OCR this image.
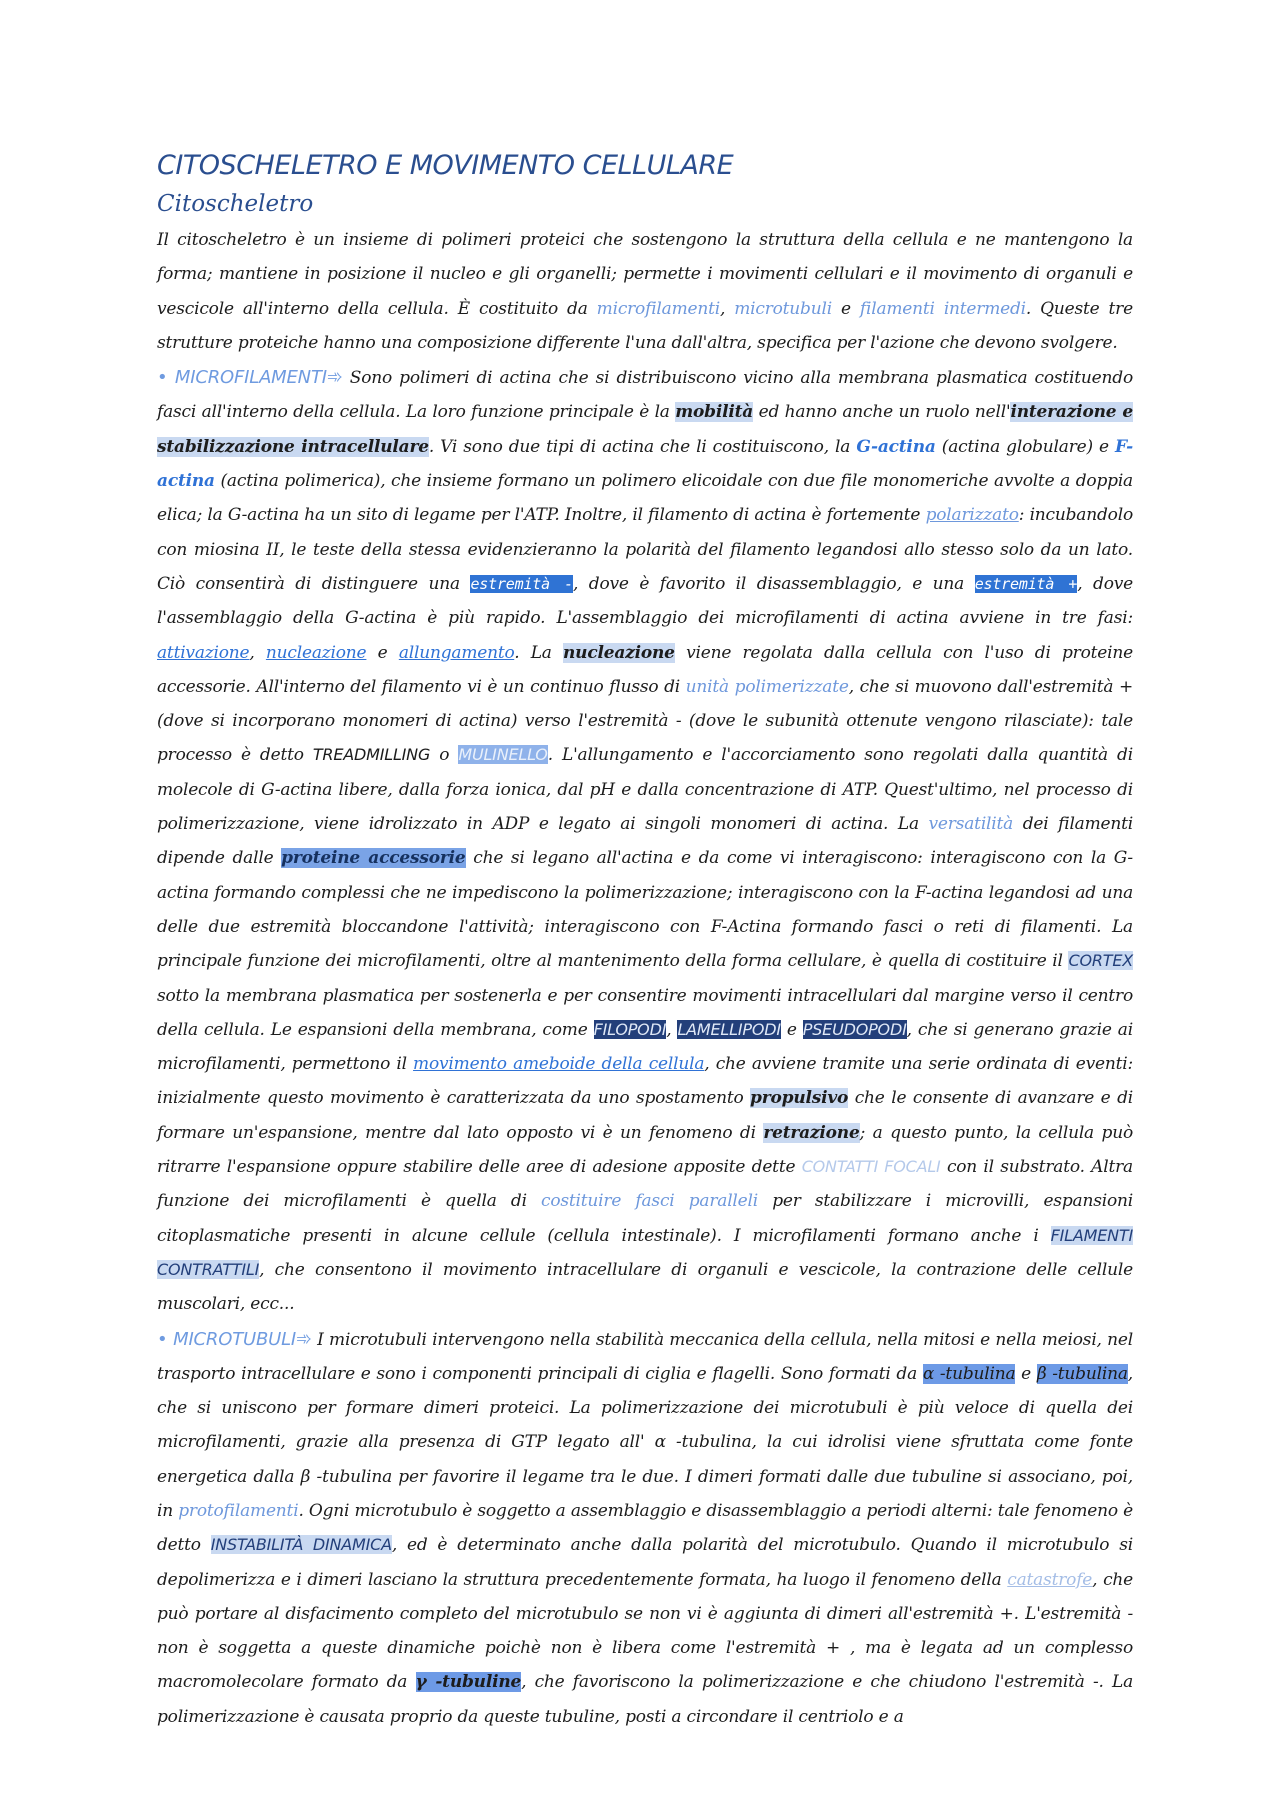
CITOSCHELETRO E MOVIMENTO CELLULARE
Citoscheletro

Il citoscheletro è un insieme di polimeri proteici che sostengono la struttura della cellula e ne mantengono la forma; mantiene in posizione il nucleo e gli organelli; permette i movimenti cellulari e il movimento di organuli e vescicole all'interno della cellula. È costituito da microfilamenti, microtubuli e filamenti intermedi. Queste tre strutture proteiche hanno una composizione differente l'una dall'altra, specifica per l'azione che devono svolgere.

• MICROFILAMENTI➾ Sono polimeri di actina che si distribuiscono vicino alla membrana plasmatica costituendo fasci all'interno della cellula. La loro funzione principale è la mobilità ed hanno anche un ruolo nell'interazione e stabilizzazione intracellulare. Vi sono due tipi di actina che li costituiscono, la G-actina (actina globulare) e F-actina (actina polimerica), che insieme formano un polimero elicoidale con due file monomeriche avvolte a doppia elica; la G-actina ha un sito di legame per l'ATP. Inoltre, il filamento di actina è fortemente polarizzato: incubandolo con miosina II, le teste della stessa evidenzieranno la polarità del filamento legandosi allo stesso solo da un lato. Ciò consentirà di distinguere una estremità -, dove è favorito il disassemblaggio, e una estremità +, dove l'assemblaggio della G-actina è più rapido. L'assemblaggio dei microfilamenti di actina avviene in tre fasi: attivazione, nucleazione e allungamento. La nucleazione viene regolata dalla cellula con l'uso di proteine accessorie. All'interno del filamento vi è un continuo flusso di unità polimerizzate, che si muovono dall'estremità + (dove si incorporano monomeri di actina) verso l'estremità - (dove le subunità ottenute vengono rilasciate): tale processo è detto TREADMILLING o MULINELLO. L'allungamento e l'accorciamento sono regolati dalla quantità di molecole di G-actina libere, dalla forza ionica, dal pH e dalla concentrazione di ATP. Quest'ultimo, nel processo di polimerizzazione, viene idrolizzato in ADP e legato ai singoli monomeri di actina. La versatilità dei filamenti dipende dalle proteine accessorie che si legano all'actina e da come vi interagiscono: interagiscono con la G-actina formando complessi che ne impediscono la polimerizzazione; interagiscono con la F-actina legandosi ad una delle due estremità bloccandone l'attività; interagiscono con F-Actina formando fasci o reti di filamenti. La principale funzione dei microfilamenti, oltre al mantenimento della forma cellulare, è quella di costituire il CORTEX sotto la membrana plasmatica per sostenerla e per consentire movimenti intracellulari dal margine verso il centro della cellula. Le espansioni della membrana, come FILOPODI, LAMELLIPODI e PSEUDOPODI, che si generano grazie ai microfilamenti, permettono il movimento ameboide della cellula, che avviene tramite una serie ordinata di eventi: inizialmente questo movimento è caratterizzata da uno spostamento propulsivo che le consente di avanzare e di formare un'espansione, mentre dal lato opposto vi è un fenomeno di retrazione; a questo punto, la cellula può ritrarre l'espansione oppure stabilire delle aree di adesione apposite dette CONTATTI FOCALI con il substrato. Altra funzione dei microfilamenti è quella di costituire fasci paralleli per stabilizzare i microvilli, espansioni citoplasmatiche presenti in alcune cellule (cellula intestinale). I microfilamenti formano anche i FILAMENTI CONTRATTILI, che consentono il movimento intracellulare di organuli e vescicole, la contrazione delle cellule muscolari, ecc...

• MICROTUBULI➾ I microtubuli intervengono nella stabilità meccanica della cellula, nella mitosi e nella meiosi, nel trasporto intracellulare e sono i componenti principali di ciglia e flagelli. Sono formati da α -tubulina e β -tubulina, che si uniscono per formare dimeri proteici. La polimerizzazione dei microtubuli è più veloce di quella dei microfilamenti, grazie alla presenza di GTP legato all' α -tubulina, la cui idrolisi viene sfruttata come fonte energetica dalla β -tubulina per favorire il legame tra le due. I dimeri formati dalle due tubuline si associano, poi, in protofilamenti. Ogni microtubulo è soggetto a assemblaggio e disassemblaggio a periodi alterni: tale fenomeno è detto INSTABILITÀ DINAMICA, ed è determinato anche dalla polarità del microtubulo. Quando il microtubulo si depolimerizza e i dimeri lasciano la struttura precedentemente formata, ha luogo il fenomeno della catastrofe, che può portare al disfacimento completo del microtubulo se non vi è aggiunta di dimeri all'estremità +. L'estremità - non è soggetta a queste dinamiche poichè non è libera come l'estremità + , ma è legata ad un complesso macromolecolare formato da γ -tubuline, che favoriscono la polimerizzazione e che chiudono l'estremità -. La polimerizzazione è causata proprio da queste tubuline, posti a circondare il centriolo e a
